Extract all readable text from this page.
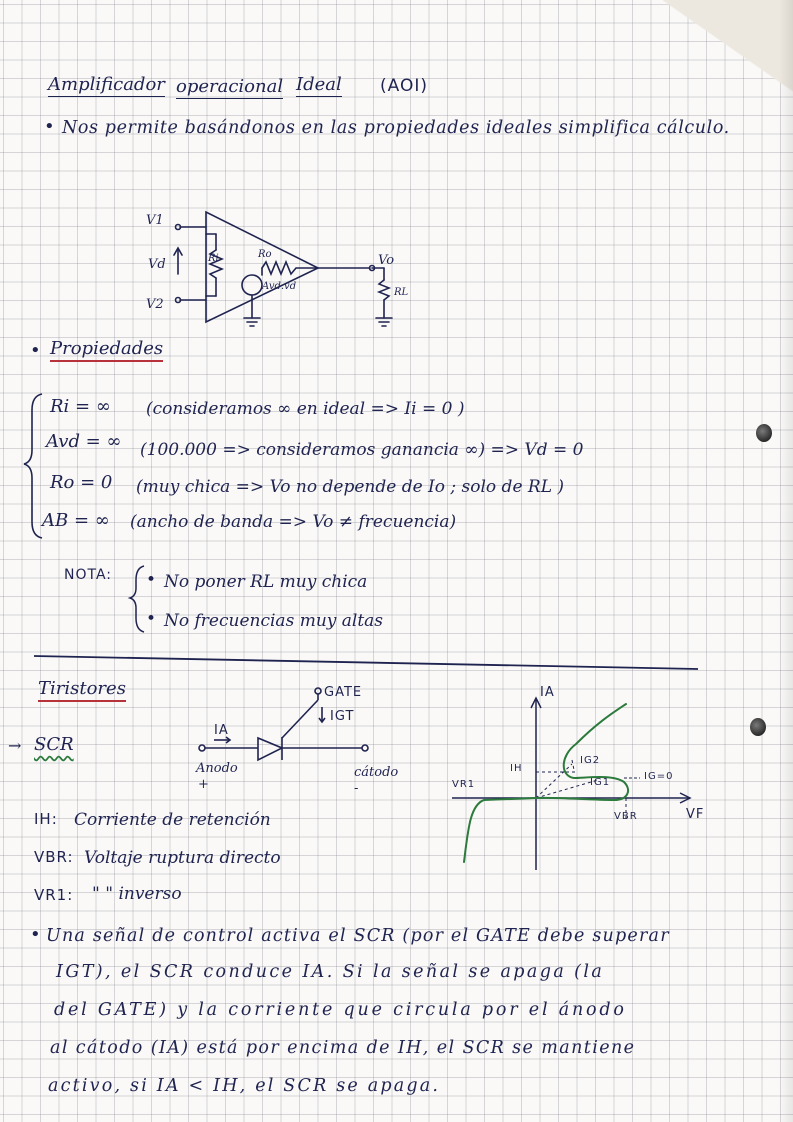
Amplificador operacional Ideal (AOI)
• Nos permite basándonos en las propiedades ideales simplifica cálculo.
V1
V2
Vd	Ri	Ro
Avd.vd
Vo
RL
• Propiedades
Ri = ∞ (consideramos ∞ en ideal => Ii = 0 )
Avd = ∞ (100.000 => consideramos ganancia ∞) => Vd = 0
Ro = 0 (muy chica => Vo no depende de Io ; solo de RL )
AB = ∞ (ancho de banda => Vo ≠ frecuencia)
NOTA: • No poner RL muy chica
• No frecuencias muy altas
Tiristores
→ SCR
GATE
IGT
IA
Anodo
+
cátodo
-
IA
VF
IH
VR1
VBR
IG2
IG1
IG=0
IH: Corriente de retención
VBR: Voltaje ruptura directo
VR1: " " inverso
• Una señal de control activa el SCR (por el GATE debe superar
IGT), el SCR conduce IA. Si la señal se apaga (la
del GATE) y la corriente que circula por el ánodo
al cátodo (IA) está por encima de IH, el SCR se mantiene
activo, si IA < IH, el SCR se apaga.
